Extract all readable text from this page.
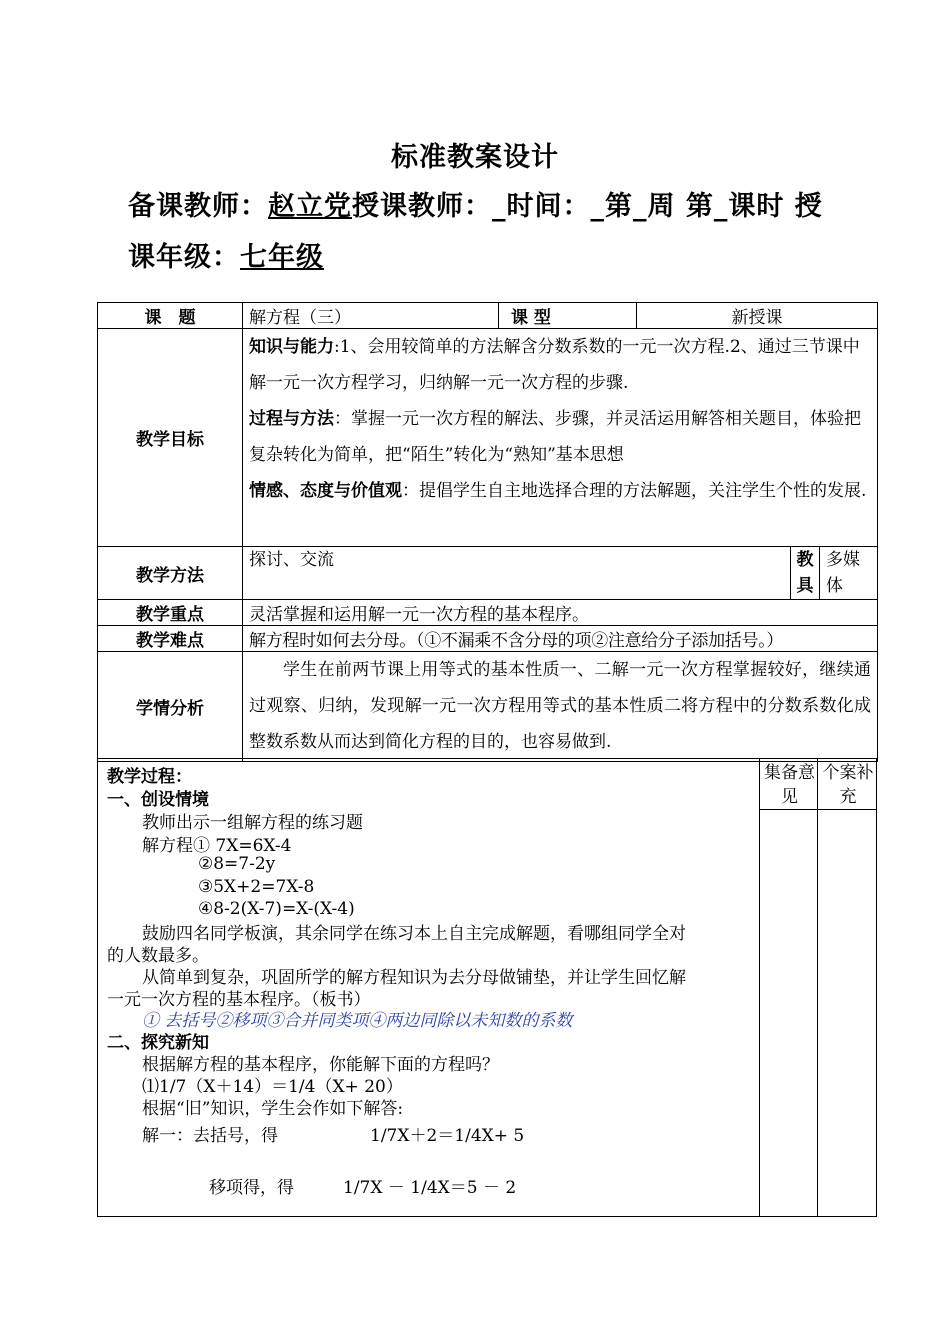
标准教案设计
备课教师：赵立党授课教师：_时间：_第_周 第_课时 授
课年级：七年级
课　题	解方程（三）	课 型	新授课		
教学目标	知识与能力:1、会用较简单的方法解含分数系数的一元一次方程.2、通过三节课中解一元一次方程学习，归纳解一元一次方程的步骤.
过程与方法：掌握一元一次方程的解法、步骤，并灵活运用解答相关题目，体验把复杂转化为简单，把“陌生”转化为“熟知”基本思想
情感、态度与价值观：提倡学生自主地选择合理的方法解题，关注学生个性的发展.				

教学方法	探讨、交流			教具	多媒体
教学重点	灵活掌握和运用解一元一次方程的基本程序。				
教学难点	解方程时如何去分母。（①不漏乘不含分母的项②注意给分子添加括号。）				
学情分析	学生在前两节课上用等式的基本性质一、二解一元一次方程掌握较好，继续通过观察、归纳，发现解一元一次方程用等式的基本性质二将方程中的分数系数化成整数系数从而达到简化方程的目的，也容易做到.				
集备意见
个案补充
教学过程：
一、创设情境
教师出示一组解方程的练习题
解方程① 7X=6X-4
②8=7-2y
③5X+2=7X-8
④8-2(X-7)=X-(X-4)
鼓励四名同学板演，其余同学在练习本上自主完成解题，看哪组同学全对
的人数最多。
从简单到复杂，巩固所学的解方程知识为去分母做铺垫，并让学生回忆解
一元一次方程的基本程序。（板书）
① 去括号②移项③合并同类项④两边同除以未知数的系数
二、探究新知
根据解方程的基本程序，你能解下面的方程吗？
⑴1/7（X＋14）＝1/4（X+ 20）
根据“旧”知识，学生会作如下解答:
解一：去括号，得	1/7X＋2＝1/4X+ 5
移项得，得	1/7X － 1/4X＝5 － 2
